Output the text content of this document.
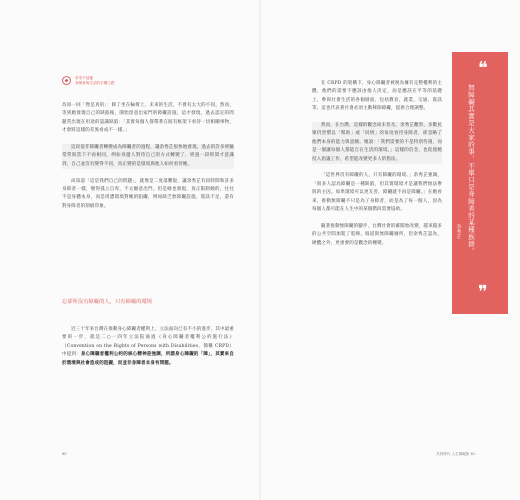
零零不延遲
身障者與生活的平權之路

為知一回「像是真的」：除了坐在輪椅上，未來的生活，不會有太大的不同。然而，等到她發現自己的缺陷後，開始留意出家門的障礙設施，這才發現，過去認定的問題常出現在用途的認識缺陷：「其實每個人都帶著在既有框架下看待一切相關事物，才會將這樣的差異看成不一樣。」

這段從非障礙者轉變成為障礙者的過程，讓余秀芷很快地發現，過去的許多經驗常常與當下不再相同，例如身邊人對待自己的方式轉變了，經過一段時間才意識到，自己並沒有變得不同，真正變的是環境與他人如何看待她。

尚知道「這是我們自己的問題」，就像是二度落難般，讓余秀芷有段時間和許多身障者一樣，變得孤立自卑，不太願意出門。但是她也發現，真正限制她的，往往不是身體本身，而是周遭環境對她的阻礙，例如缺乏無障礙設施、資訊不足，還有對身障者的刻板印象。

忘卻所沒有障礙的人，只有障礙的環境

近三十年來台灣在推動身心障礙者權利上，立法面向已有不小的進步，其中最重要的一步，就是二○一四年立法院通過《身心障礙者權利公約施行法》（Convention on the Rights of Persons with Disabilities，簡稱 CRPD）中提到：身心障礙者權利公約的核心精神是強調，所謂身心障礙的「障」，其實來自於環境與社會造成的阻礙，而並非身障者本身有問題。

在 CRPD 的架構下，身心障礙者被視為擁有完整權利的主體，他們的需要不應該由他人決定，而是應該在平等的基礎上，參與社會生活的各個層面，包括教育、就業、交通、資訊等，這也代表著社會必須主動移除障礙，提供合理調整。

然而，在台灣，這樣的觀念尚未普及。余秀芷觀察，多數民眾仍習慣以「幫助」或「同情」的角度看待身障者，卻忽略了他們本身的能力與意願。她說：「我們需要的不是特別待遇，而是一個讓每個人都能自在生活的環境。」這樣的信念，也促使她投入倡議工作，希望能改變更多人的想法。

「這世界沒有障礙的人，只有障礙的環境。」余秀芷強調，「很多人認為障礙是一種缺陷，但其實環境才是讓我們無法參與的主因。如果環境可以更友善，障礙就不再是障礙。」在她看來，推動無障礙不只是為了身障者，而是為了每一個人，因為每個人都可能在人生中的某個階段需要協助。

隨著推動無障礙的腳步，台灣社會的確開始改變，越來越多的公共空間加裝了電梯、坡道與無障礙廁所，但余秀芷認為，硬體之外，更重要的是觀念的轉變。

❝
無障礙其實是大家的事，不單只是身障者的某種族群。
余秀芷
❞
60	共同時代 人生障礙旅 61
